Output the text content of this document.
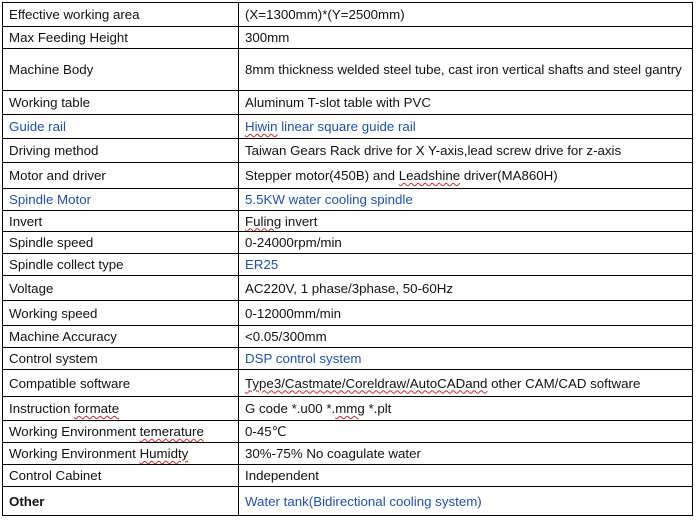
Effective working area	(X=1300mm)*(Y=2500mm)
Max Feeding Height	300mm
Machine Body	8mm thickness welded steel tube, cast iron vertical shafts and steel gantry
Working table	Aluminum T-slot table with PVC
Guide rail	Hiwin linear square guide rail
Driving method	Taiwan Gears Rack drive for X Y-axis,lead screw drive for z-axis
Motor and driver	Stepper motor(450B) and Leadshine driver(MA860H)
Spindle Motor	5.5KW water cooling spindle
Invert	Fuling invert
Spindle speed	0-24000rpm/min
Spindle collect type	ER25
Voltage	AC220V, 1 phase/3phase, 50-60Hz
Working speed	0-12000mm/min
Machine Accuracy	<0.05/300mm
Control system	DSP control system
Compatible software	Type3/Castmate/Coreldraw/AutoCADand other CAM/CAD software
Instruction formate	G code *.u00 *.mmg *.plt
Working Environment temerature	0-45℃
Working Environment Humidty	30%-75% No coagulate water
Control Cabinet	Independent
Other	Water tank(Bidirectional cooling system)
